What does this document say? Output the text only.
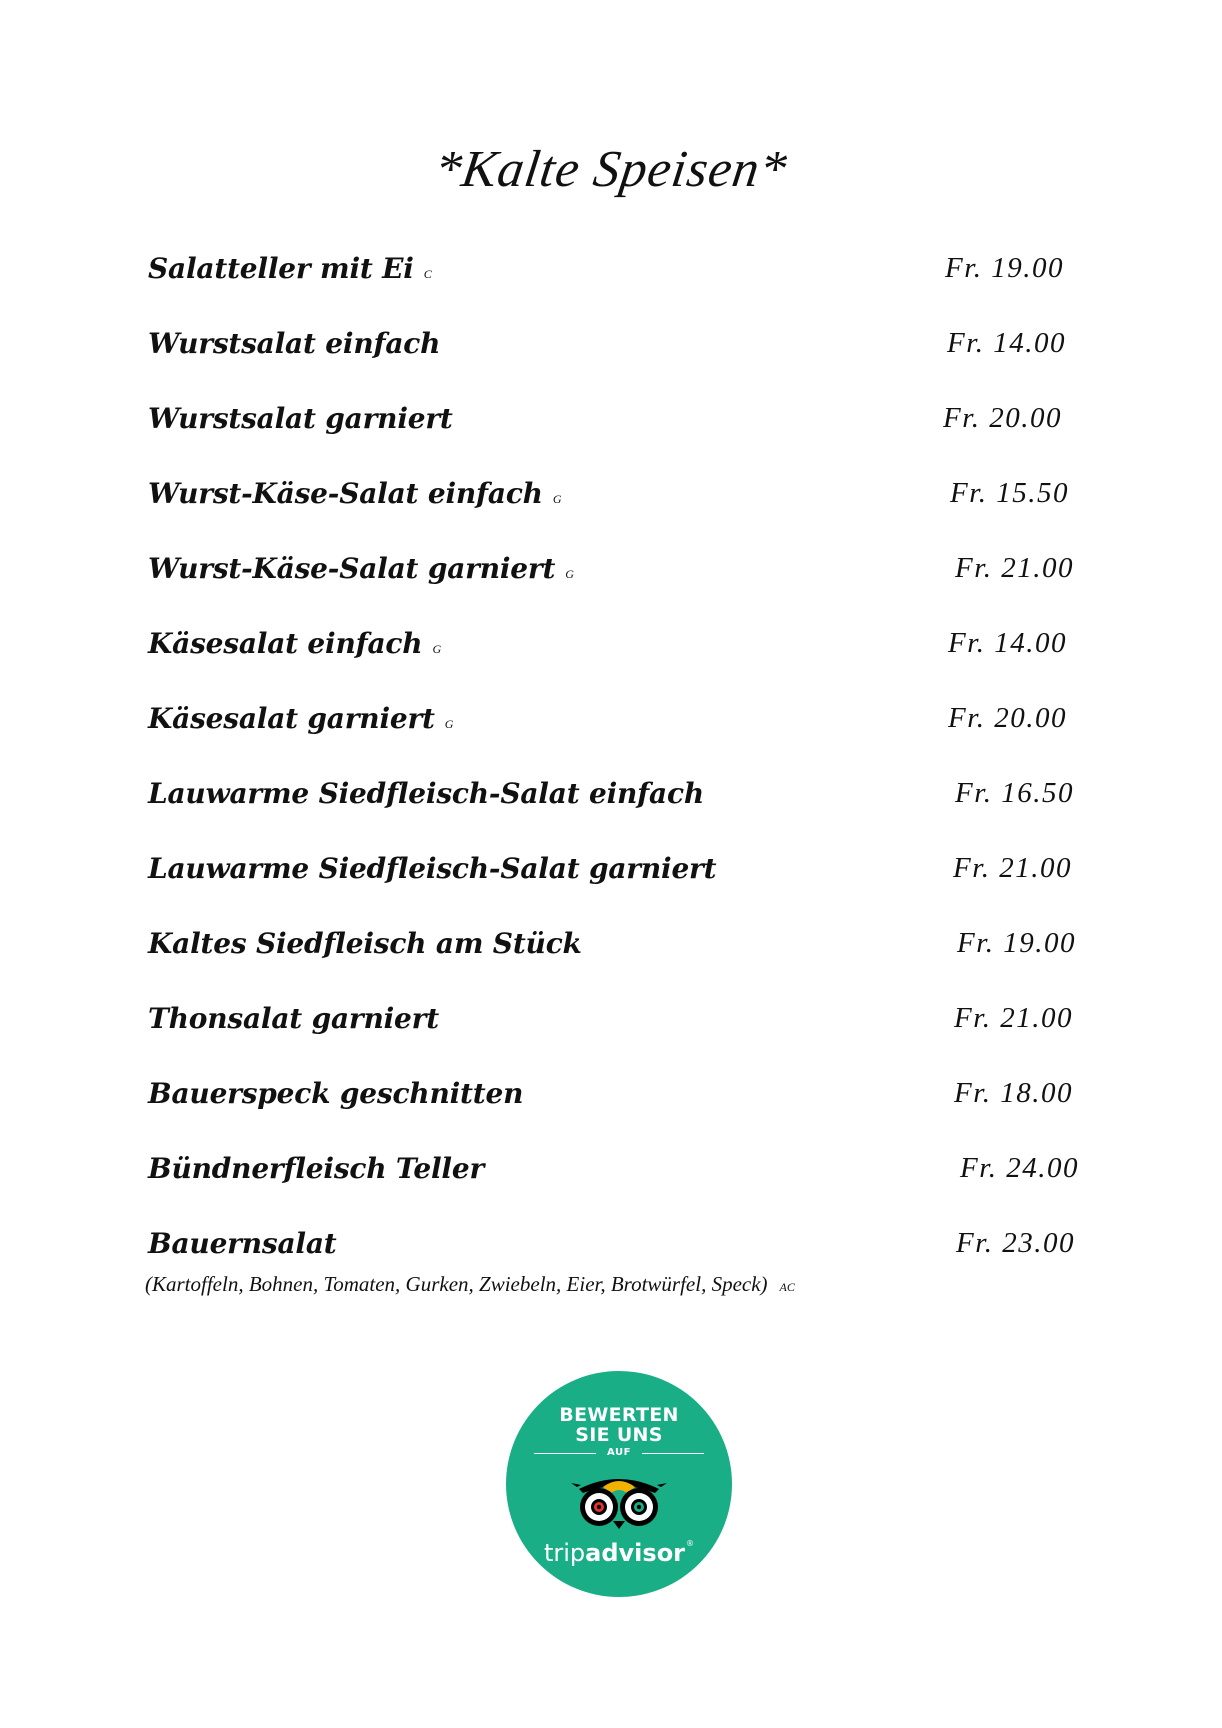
*Kalte Speisen*
Salatteller mit Ei C	Fr. 19.00
Wurstsalat einfach	Fr. 14.00
Wurstsalat garniert	Fr. 20.00
Wurst-Käse-Salat einfach G	Fr. 15.50
Wurst-Käse-Salat garniert G	Fr. 21.00
Käsesalat einfach G	Fr. 14.00
Käsesalat garniert G	Fr. 20.00
Lauwarme Siedfleisch-Salat einfach	Fr. 16.50
Lauwarme Siedfleisch-Salat garniert	Fr. 21.00
Kaltes Siedfleisch am Stück	Fr. 19.00
Thonsalat garniert	Fr. 21.00
Bauerspeck geschnitten	Fr. 18.00
Bündnerfleisch Teller	Fr. 24.00
Bauernsalat	Fr. 23.00
(Kartoffeln, Bohnen, Tomaten, Gurken, Zwiebeln, Eier, Brotwürfel, Speck) AC
BEWERTEN
SIE UNS
AUF
tripadvisor®
